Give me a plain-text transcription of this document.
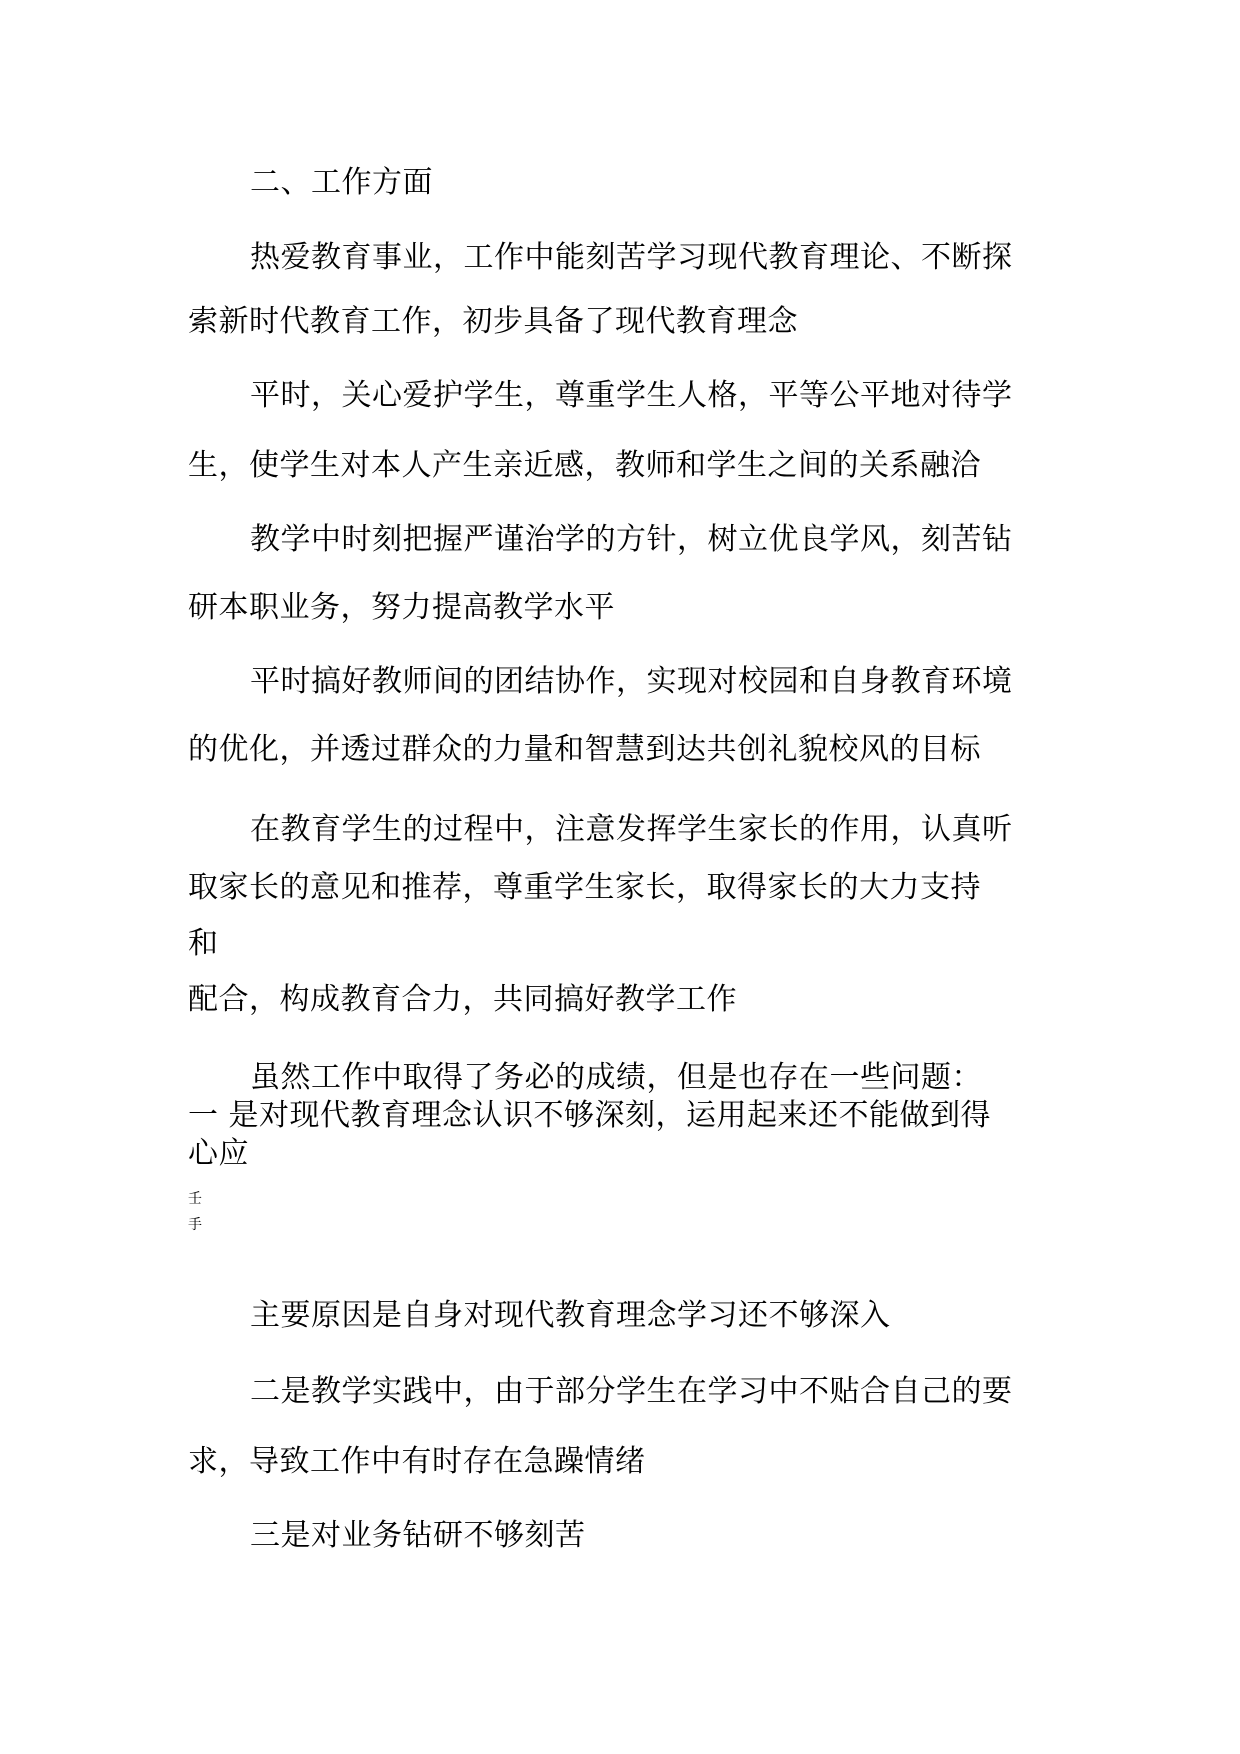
二、工作方面

热爱教育事业，工作中能刻苦学习现代教育理论、不断探

索新时代教育工作，初步具备了现代教育理念

平时，关心爱护学生，尊重学生人格，平等公平地对待学

生，使学生对本人产生亲近感，教师和学生之间的关系融洽

教学中时刻把握严谨治学的方针，树立优良学风，刻苦钻

研本职业务，努力提高教学水平

平时搞好教师间的团结协作，实现对校园和自身教育环境

的优化，并透过群众的力量和智慧到达共创礼貌校风的目标

在教育学生的过程中，注意发挥学生家长的作用，认真听

取家长的意见和推荐，尊重学生家长，取得家长的大力支持

和

配合，构成教育合力，共同搞好教学工作

虽然工作中取得了务必的成绩，但是也存在一些问题：

一 是对现代教育理念认识不够深刻，运用起来还不能做到得

心应

壬

手

主要原因是自身对现代教育理念学习还不够深入

二是教学实践中，由于部分学生在学习中不贴合自己的要

求，导致工作中有时存在急躁情绪

三是对业务钻研不够刻苦
